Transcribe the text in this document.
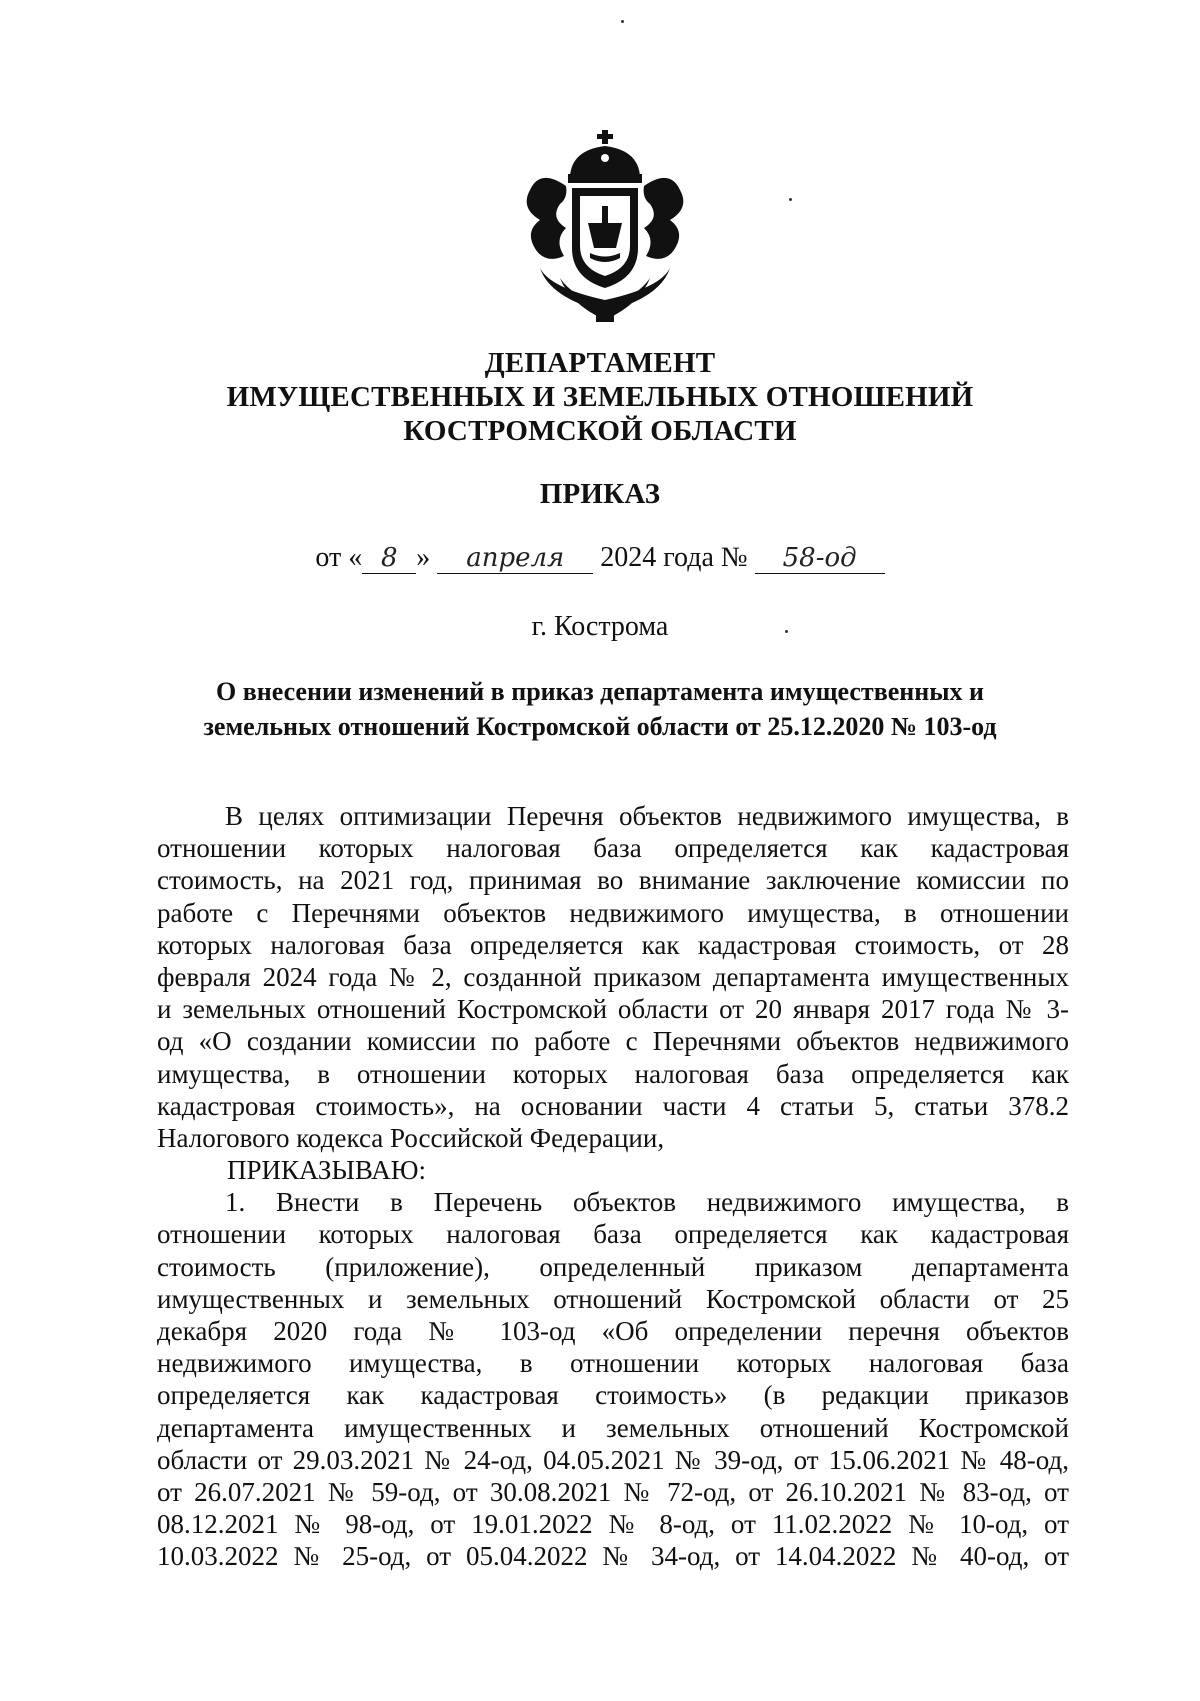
ДЕПАРТАМЕНТ
ИМУЩЕСТВЕННЫХ И ЗЕМЕЛЬНЫХ ОТНОШЕНИЙ
КОСТРОМСКОЙ ОБЛАСТИ
ПРИКАЗ
от « 8 » апреля 2024 года № 58-од
г. Кострома
О внесении изменений в приказ департамента имущественных и
земельных отношений Костромской области от 25.12.2020 № 103-од
В целях оптимизации Перечня объектов недвижимого имущества, в
отношении которых налоговая база определяется как кадастровая
стоимость, на 2021 год, принимая во внимание заключение комиссии по
работе с Перечнями объектов недвижимого имущества, в отношении
которых налоговая база определяется как кадастровая стоимость, от 28
февраля 2024 года № 2, созданной приказом департамента имущественных
и земельных отношений Костромской области от 20 января 2017 года № 3-
од «О создании комиссии по работе с Перечнями объектов недвижимого
имущества, в отношении которых налоговая база определяется как
кадастровая стоимость», на основании части 4 статьи 5, статьи 378.2
Налогового кодекса Российской Федерации,
ПРИКАЗЫВАЮ:
1. Внести в Перечень объектов недвижимого имущества, в
отношении которых налоговая база определяется как кадастровая
стоимость (приложение), определенный приказом департамента
имущественных и земельных отношений Костромской области от 25
декабря 2020 года № 103-од «Об определении перечня объектов
недвижимого имущества, в отношении которых налоговая база
определяется как кадастровая стоимость» (в редакции приказов
департамента имущественных и земельных отношений Костромской
области от 29.03.2021 № 24-од, 04.05.2021 № 39-од, от 15.06.2021 № 48-од,
от 26.07.2021 № 59-од, от 30.08.2021 № 72-од, от 26.10.2021 № 83-од, от
08.12.2021 № 98-од, от 19.01.2022 № 8-од, от 11.02.2022 № 10-од, от
10.03.2022 № 25-од, от 05.04.2022 № 34-од, от 14.04.2022 № 40-од, от
